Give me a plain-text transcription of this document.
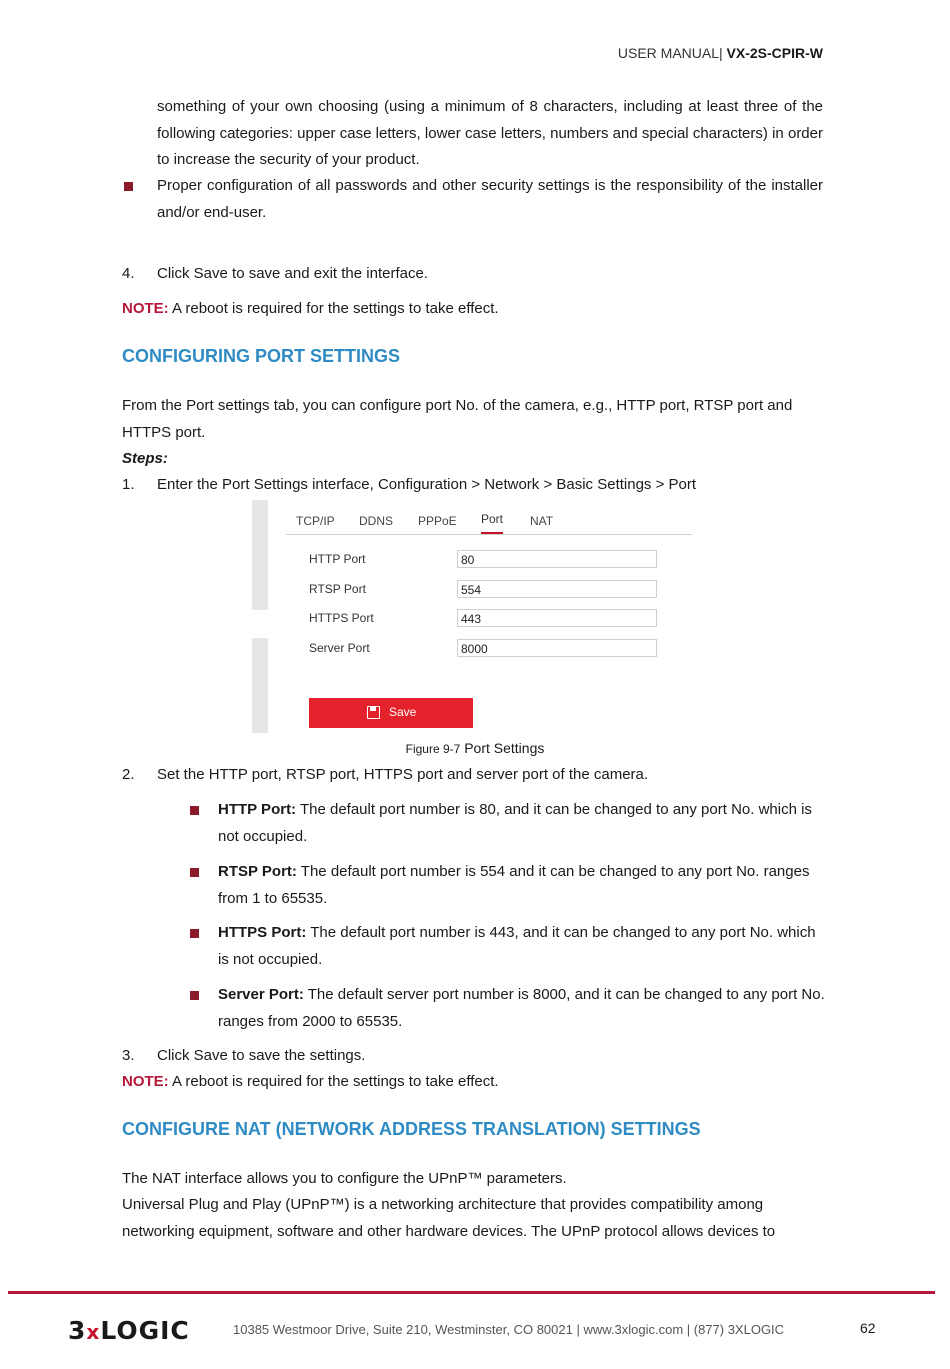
USER MANUAL| VX-2S-CPIR-W
something of your own choosing (using a minimum of 8 characters, including at least three of the following categories: upper case letters, lower case letters, numbers and special characters) in order to increase the security of your product.
Proper configuration of all passwords and other security settings is the responsibility of the installer and/or end-user.
4. Click Save to save and exit the interface.
NOTE: A reboot is required for the settings to take effect.
CONFIGURING PORT SETTINGS
From the Port settings tab, you can configure port No. of the camera, e.g., HTTP port, RTSP port and HTTPS port.
Steps:
1. Enter the Port Settings interface, Configuration > Network > Basic Settings > Port
TCP/IP DDNS PPPoE Port NAT
HTTP Port	80
RTSP Port	554
HTTPS Port	443
Server Port	8000
Save
Figure 9-7 Port Settings
2. Set the HTTP port, RTSP port, HTTPS port and server port of the camera.
HTTP Port: The default port number is 80, and it can be changed to any port No. which is not occupied.
RTSP Port: The default port number is 554 and it can be changed to any port No. ranges from 1 to 65535.
HTTPS Port: The default port number is 443, and it can be changed to any port No. which is not occupied.
Server Port: The default server port number is 8000, and it can be changed to any port No. ranges from 2000 to 65535.
3. Click Save to save the settings.
NOTE: A reboot is required for the settings to take effect.
CONFIGURE NAT (NETWORK ADDRESS TRANSLATION) SETTINGS
The NAT interface allows you to configure the UPnP™ parameters.
Universal Plug and Play (UPnP™) is a networking architecture that provides compatibility among
networking equipment, software and other hardware devices. The UPnP protocol allows devices to
3xLOGIC	10385 Westmoor Drive, Suite 210, Westminster, CO 80021 | www.3xlogic.com | (877) 3XLOGIC	62
